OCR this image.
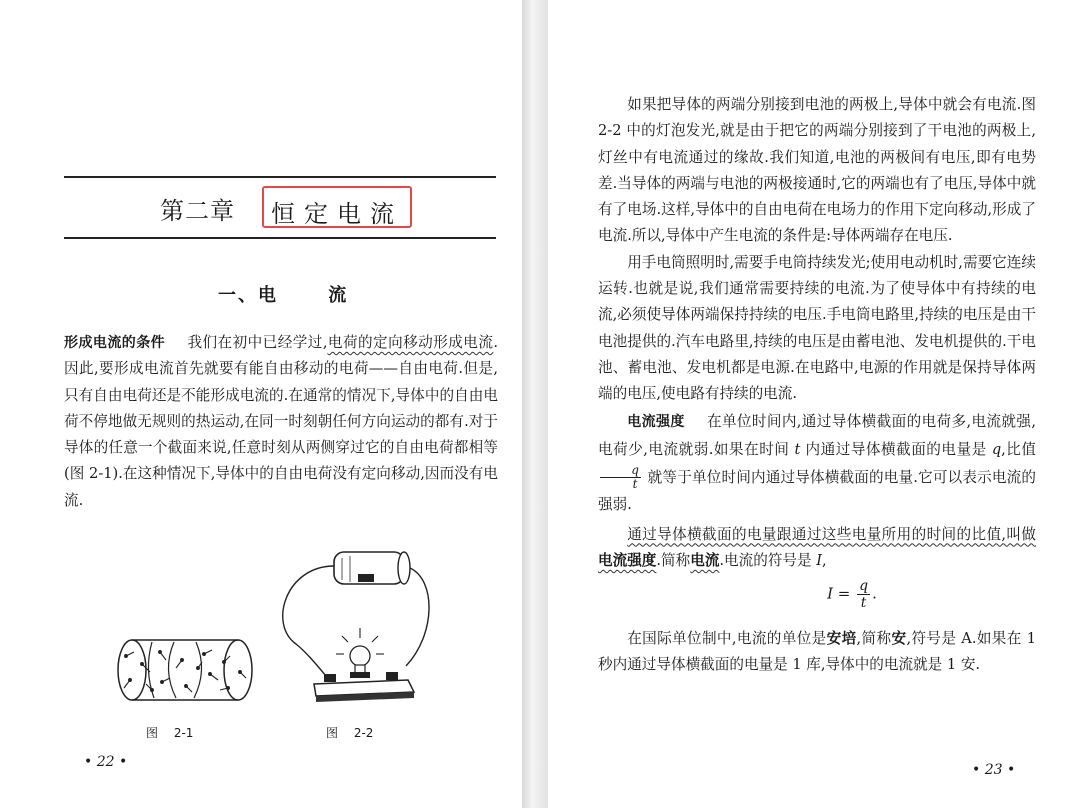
第二章 恒定电流
一、电 流
形成电流的条件   我们在初中已经学过,电荷的定向移动形成电流.因此,要形成电流首先就要有能自由移动的电荷——自由电荷.但是,只有自由电荷还是不能形成电流的.在通常的情况下,导体中的自由电荷不停地做无规则的热运动,在同一时刻朝任何方向运动的都有.对于导体的任意一个截面来说,任意时刻从两侧穿过它的自由电荷都相等(图 2-1).在这种情况下,导体中的自由电荷没有定向移动,因而没有电流.
图 2-1	图 2-2
• 22 •

如果把导体的两端分别接到电池的两极上,导体中就会有电流.图 2-2 中的灯泡发光,就是由于把它的两端分别接到了干电池的两极上,灯丝中有电流通过的缘故.我们知道,电池的两极间有电压,即有电势差.当导体的两端与电池的两极接通时,它的两端也有了电压,导体中就有了电场.这样,导体中的自由电荷在电场力的作用下定向移动,形成了电流.所以,导体中产生电流的条件是:导体两端存在电压.

用手电筒照明时,需要手电筒持续发光;使用电动机时,需要它连续运转.也就是说,我们通常需要持续的电流.为了使导体中有持续的电流,必须使导体两端保持持续的电压.手电筒电路里,持续的电压是由干电池提供的.汽车电路里,持续的电压是由蓄电池、发电机提供的.干电池、蓄电池、发电机都是电源.在电路中,电源的作用就是保持导体两端的电压,使电路有持续的电流.

电流强度   在单位时间内,通过导体横截面的电荷多,电流就强,电荷少,电流就弱.如果在时间 t 内通过导体横截面的电量是 q,比值
$\frac{q}{t}$ 就等于单位时间内通过导体横截面的电量.它可以表示电流的强弱.

通过导体横截面的电量跟通过这些电量所用的时间的比值,叫做电流强度.简称电流.电流的符号是 I,

$I = \frac{q}{t}$ .

在国际单位制中,电流的单位是安培,简称安,符号是 A.如果在 1 秒内通过导体横截面的电量是 1 库,导体中的电流就是 1 安.

• 23 •
